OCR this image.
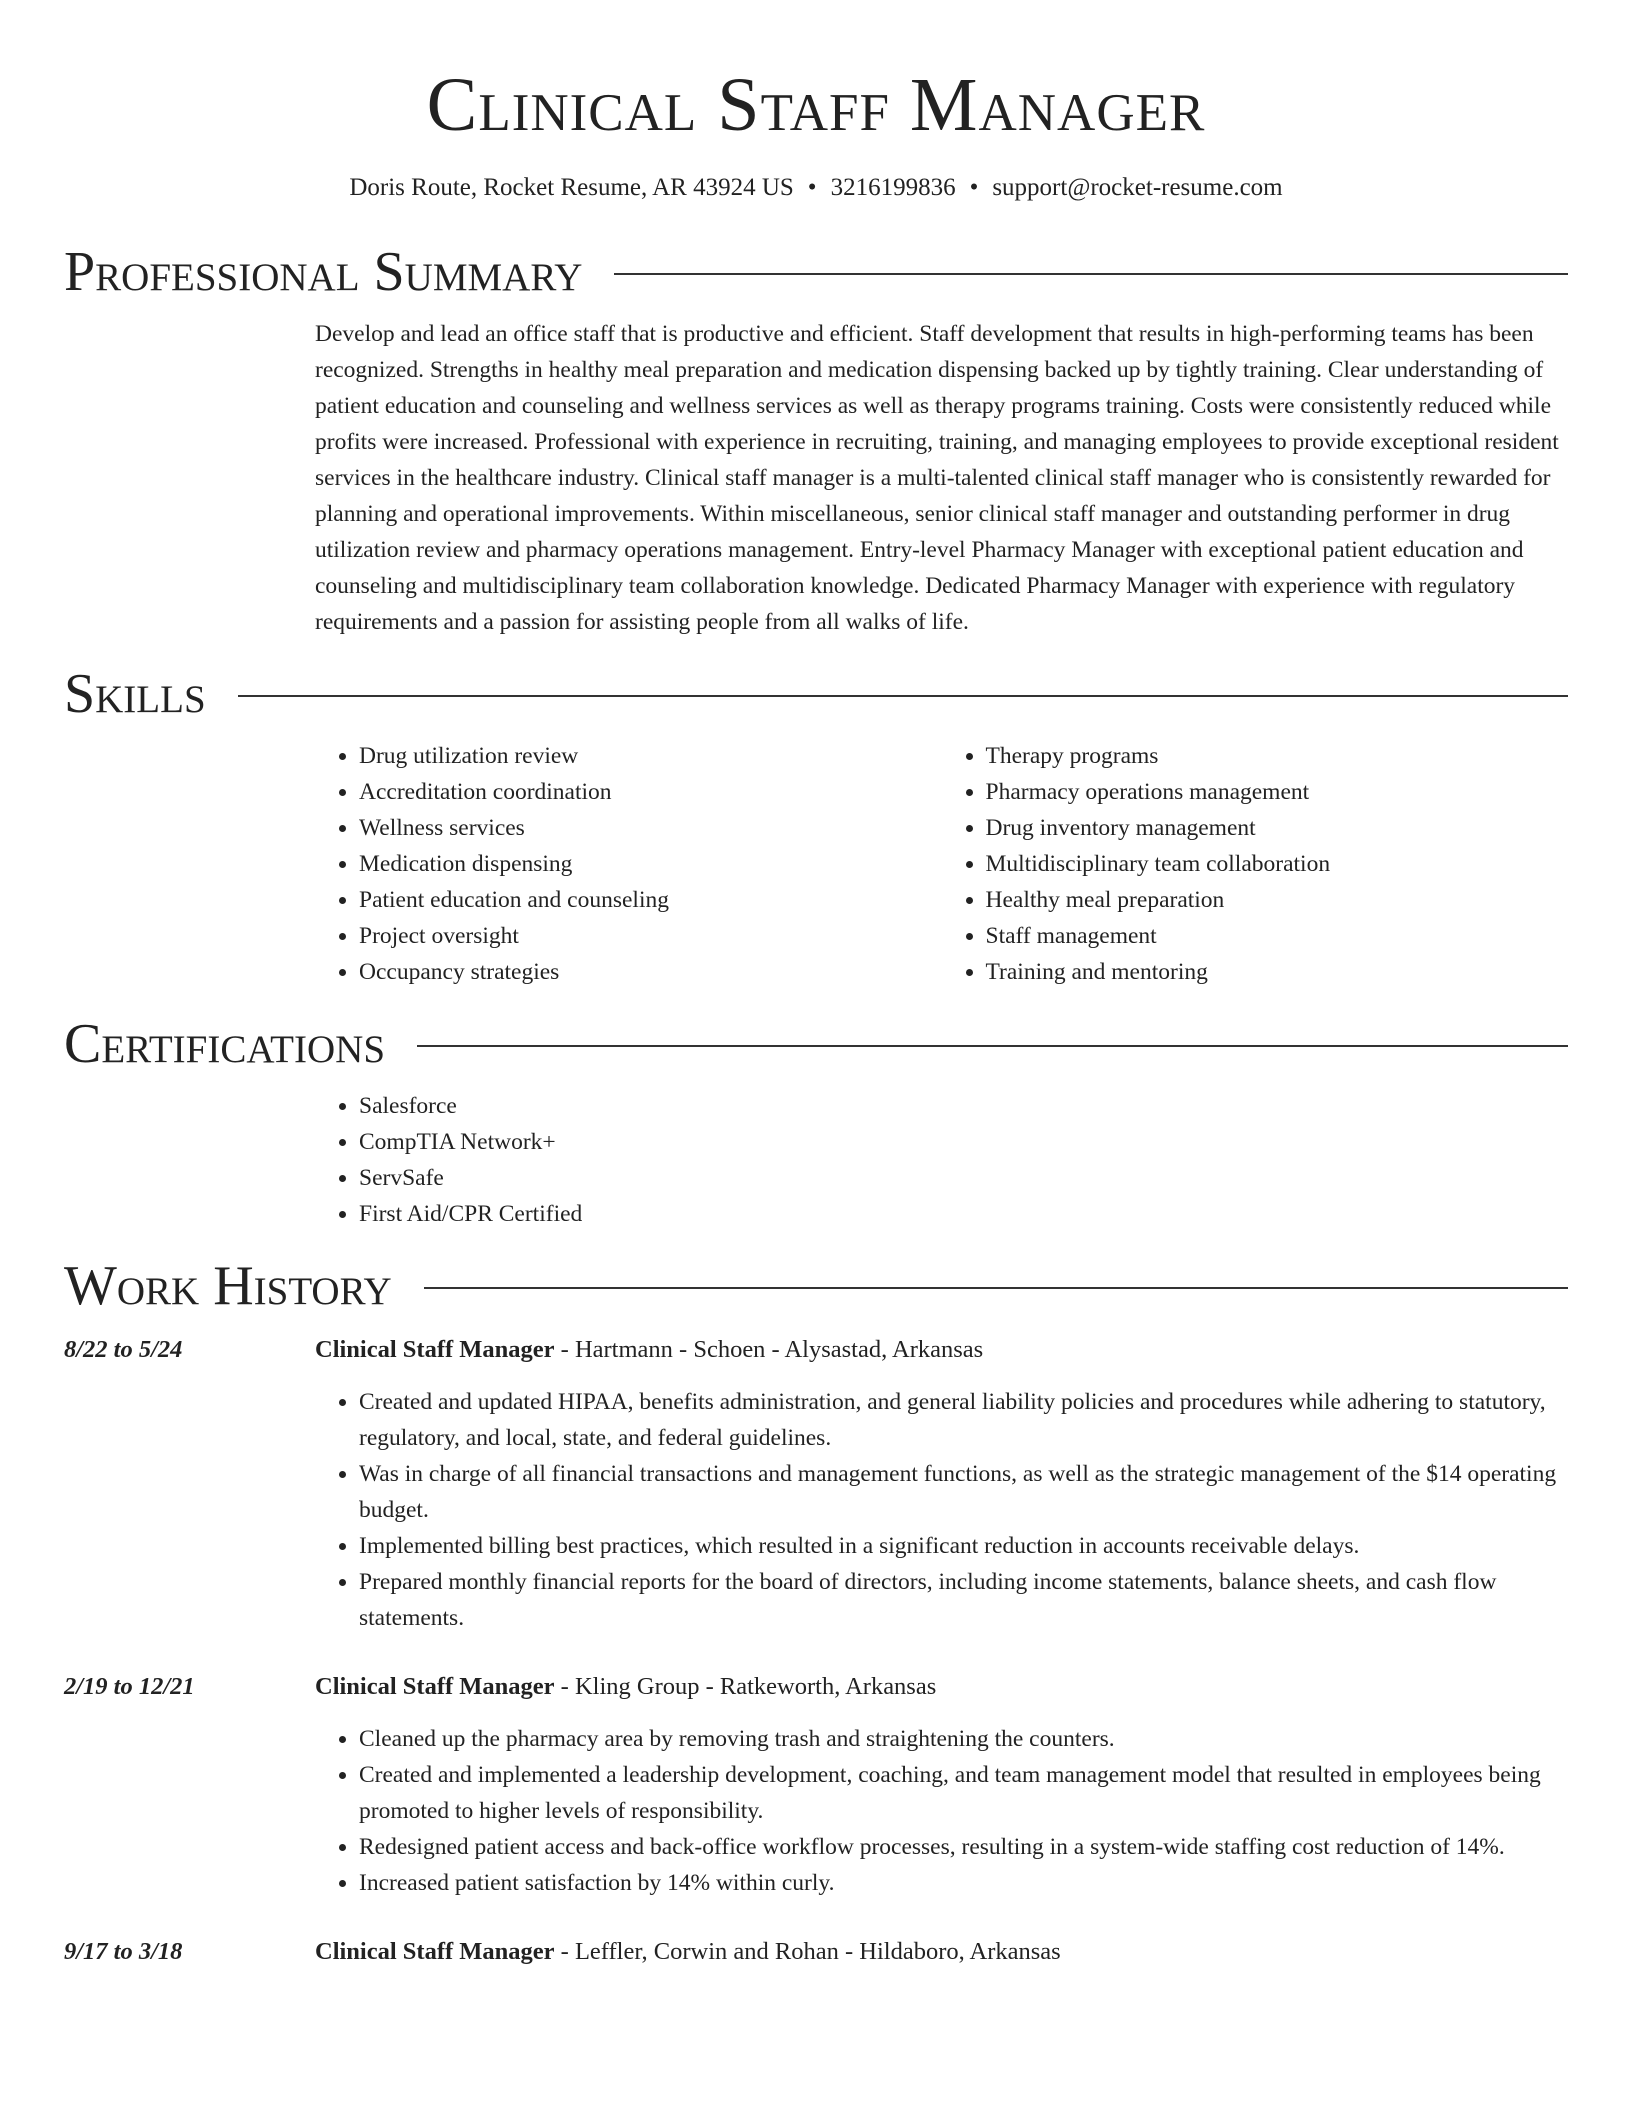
Clinical Staff Manager
Doris Route, Rocket Resume, AR 43924 US • 3216199836 • support@rocket-resume.com
Professional Summary

Develop and lead an office staff that is productive and efficient. Staff development that results in high-performing teams has been recognized. Strengths in healthy meal preparation and medication dispensing backed up by tightly training. Clear understanding of patient education and counseling and wellness services as well as therapy programs training. Costs were consistently reduced while profits were increased. Professional with experience in recruiting, training, and managing employees to provide exceptional resident services in the healthcare industry. Clinical staff manager is a multi-talented clinical staff manager who is consistently rewarded for planning and operational improvements. Within miscellaneous, senior clinical staff manager and outstanding performer in drug utilization review and pharmacy operations management. Entry-level Pharmacy Manager with exceptional patient education and counseling and multidisciplinary team collaboration knowledge. Dedicated Pharmacy Manager with experience with regulatory requirements and a passion for assisting people from all walks of life.

Skills
• Drug utilization review
• Accreditation coordination
• Wellness services
• Medication dispensing
• Patient education and counseling
• Project oversight
• Occupancy strategies
• Therapy programs
• Pharmacy operations management
• Drug inventory management
• Multidisciplinary team collaboration
• Healthy meal preparation
• Staff management
• Training and mentoring
Certifications
• Salesforce
• CompTIA Network+
• ServSafe
• First Aid/CPR Certified
Work History
8/22 to 5/24	Clinical Staff Manager - Hartmann - Schoen - Alysastad, Arkansas
• Created and updated HIPAA, benefits administration, and general liability policies and procedures while adhering to statutory, regulatory, and local, state, and federal guidelines.
• Was in charge of all financial transactions and management functions, as well as the strategic management of the $14 operating budget.
• Implemented billing best practices, which resulted in a significant reduction in accounts receivable delays.
• Prepared monthly financial reports for the board of directors, including income statements, balance sheets, and cash flow statements.
2/19 to 12/21	Clinical Staff Manager - Kling Group - Ratkeworth, Arkansas
• Cleaned up the pharmacy area by removing trash and straightening the counters.
• Created and implemented a leadership development, coaching, and team management model that resulted in employees being promoted to higher levels of responsibility.
• Redesigned patient access and back-office workflow processes, resulting in a system-wide staffing cost reduction of 14%.
• Increased patient satisfaction by 14% within curly.
9/17 to 3/18	Clinical Staff Manager - Leffler, Corwin and Rohan - Hildaboro, Arkansas
